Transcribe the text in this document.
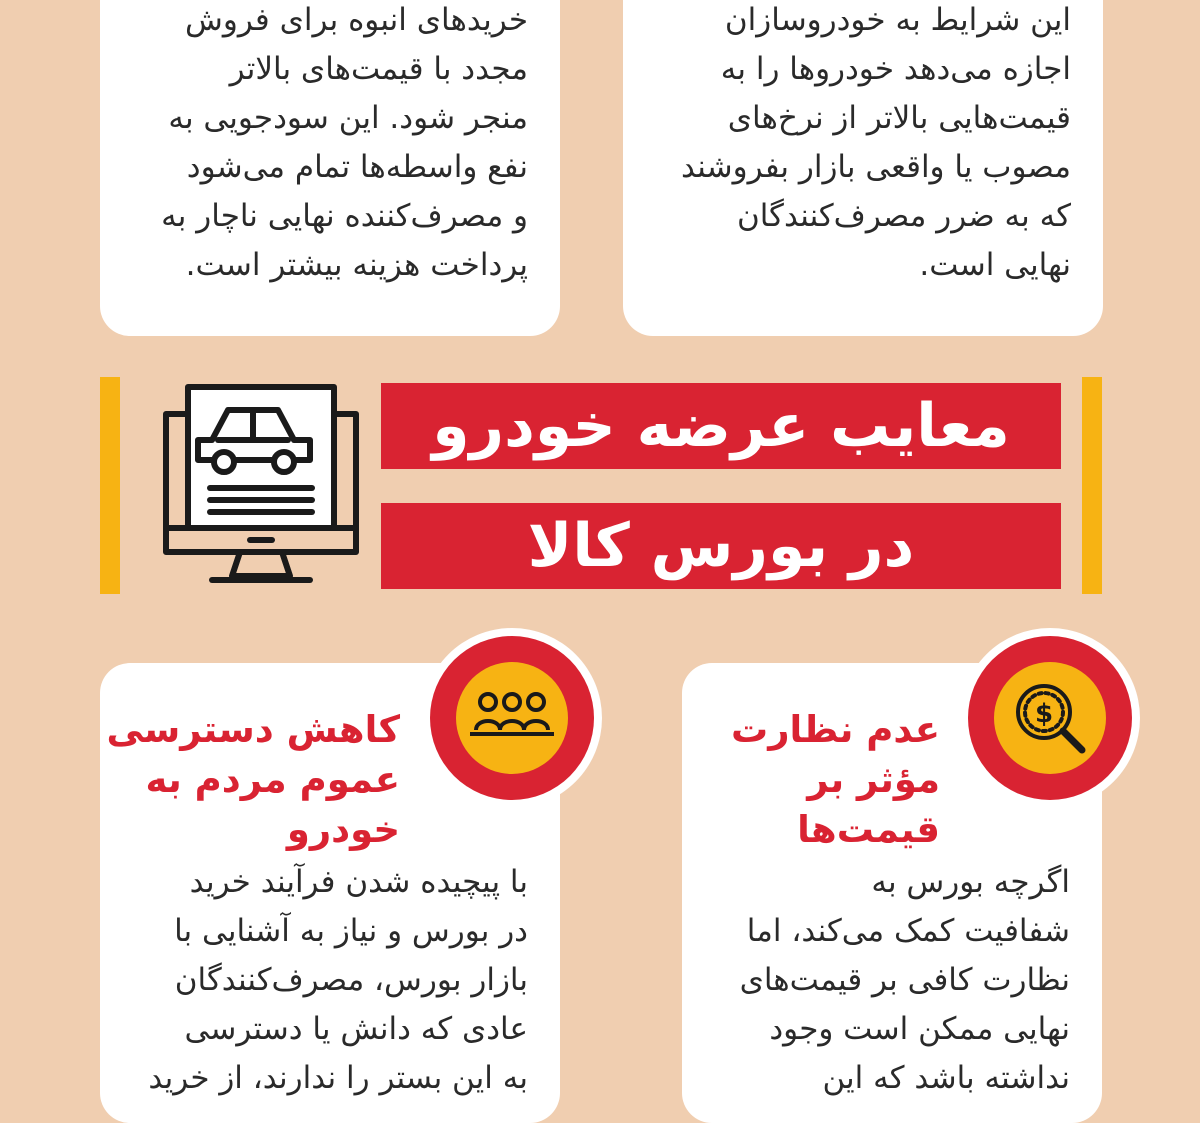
این شرایط به خودروسازان
اجازه می‌دهد خودروها را به
قیمت‌هایی بالاتر از نرخ‌های
مصوب یا واقعی بازار بفروشند
که به ضرر مصرف‌کنندگان
نهایی است.

خریدهای انبوه برای فروش
مجدد با قیمت‌های بالاتر
منجر شود. این سودجویی به
نفع واسطه‌ها تمام می‌شود
و مصرف‌کننده نهایی ناچار به
پرداخت هزینه بیشتر است.

معایب عرضه خودرو
در بورس کالا

با پیچیده شدن فرآیند خرید
در بورس و نیاز به آشنایی با
بازار بورس، مصرف‌کنندگان
عادی که دانش یا دسترسی
به این بستر را ندارند، از خرید

کاهش دسترسی
عموم مردم به
خودرو

اگرچه بورس به
شفافیت کمک می‌کند، اما
نظارت کافی بر قیمت‌های
نهایی ممکن است وجود
نداشته باشد که این

عدم نظارت
مؤثر بر
قیمت‌ها
$
